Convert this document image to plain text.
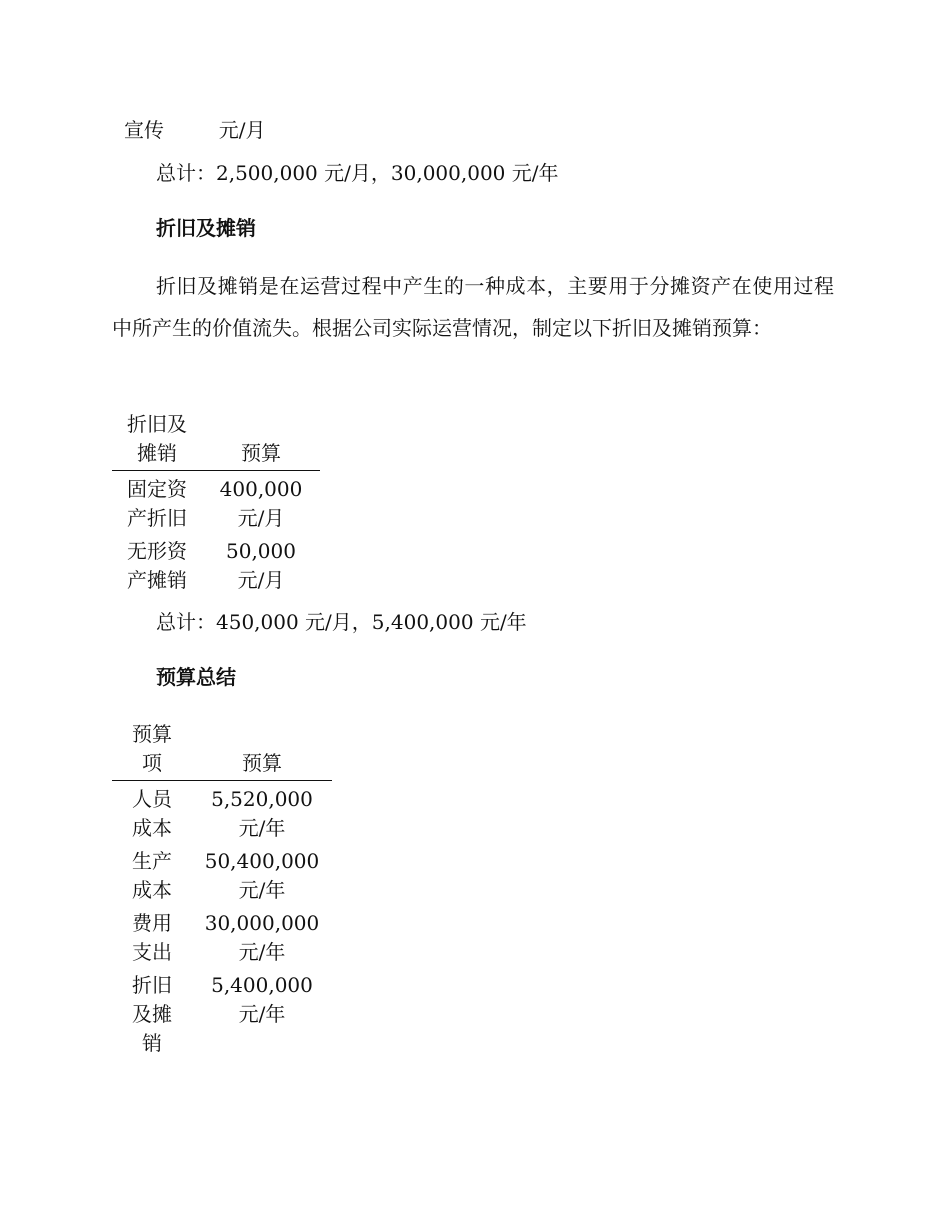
宣传	元/月
总计：2,500,000 元/月，30,000,000 元/年
折旧及摊销
折旧及摊销是在运营过程中产生的一种成本，主要用于分摊资产在使用过程中所产生的价值流失。根据公司实际运营情况，制定以下折旧及摊销预算：
折旧及
摊销	预算

固定资
产折旧	400,000
元/月

无形资
产摊销	50,000
元/月
总计：450,000 元/月，5,400,000 元/年
预算总结
预算
项	预算

人员
成本	5,520,000
元/年

生产
成本	50,400,000
元/年

费用
支出	30,000,000
元/年

折旧
及摊
销	5,400,000
元/年
